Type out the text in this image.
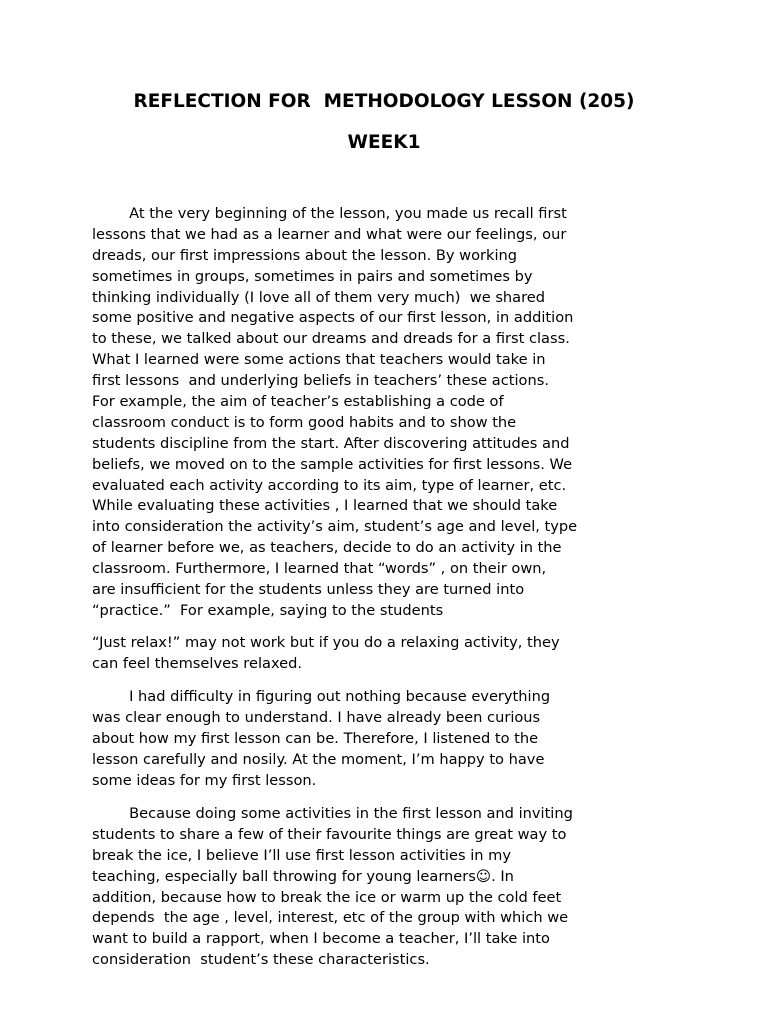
REFLECTION FOR  METHODOLOGY LESSON (205)
WEEK1
At the very beginning of the lesson, you made us recall first
lessons that we had as a learner and what were our feelings, our
dreads, our first impressions about the lesson. By working
sometimes in groups, sometimes in pairs and sometimes by
thinking individually (I love all of them very much)  we shared
some positive and negative aspects of our first lesson, in addition
to these, we talked about our dreams and dreads for a first class.
What I learned were some actions that teachers would take in
first lessons  and underlying beliefs in teachers’ these actions.
For example, the aim of teacher’s establishing a code of
classroom conduct is to form good habits and to show the
students discipline from the start. After discovering attitudes and
beliefs, we moved on to the sample activities for first lessons. We
evaluated each activity according to its aim, type of learner, etc.
While evaluating these activities , I learned that we should take
into consideration the activity’s aim, student’s age and level, type
of learner before we, as teachers, decide to do an activity in the
classroom. Furthermore, I learned that “words” , on their own,
are insufficient for the students unless they are turned into
“practice.”  For example, saying to the students
“Just relax!” may not work but if you do a relaxing activity, they
can feel themselves relaxed.
I had difficulty in figuring out nothing because everything
was clear enough to understand. I have already been curious
about how my first lesson can be. Therefore, I listened to the
lesson carefully and nosily. At the moment, I’m happy to have
some ideas for my first lesson.
Because doing some activities in the first lesson and inviting
students to share a few of their favourite things are great way to
break the ice, I believe I’ll use first lesson activities in my
teaching, especially ball throwing for young learners☺. In
addition, because how to break the ice or warm up the cold feet
depends  the age , level, interest, etc of the group with which we
want to build a rapport, when I become a teacher, I’ll take into
consideration  student’s these characteristics.
